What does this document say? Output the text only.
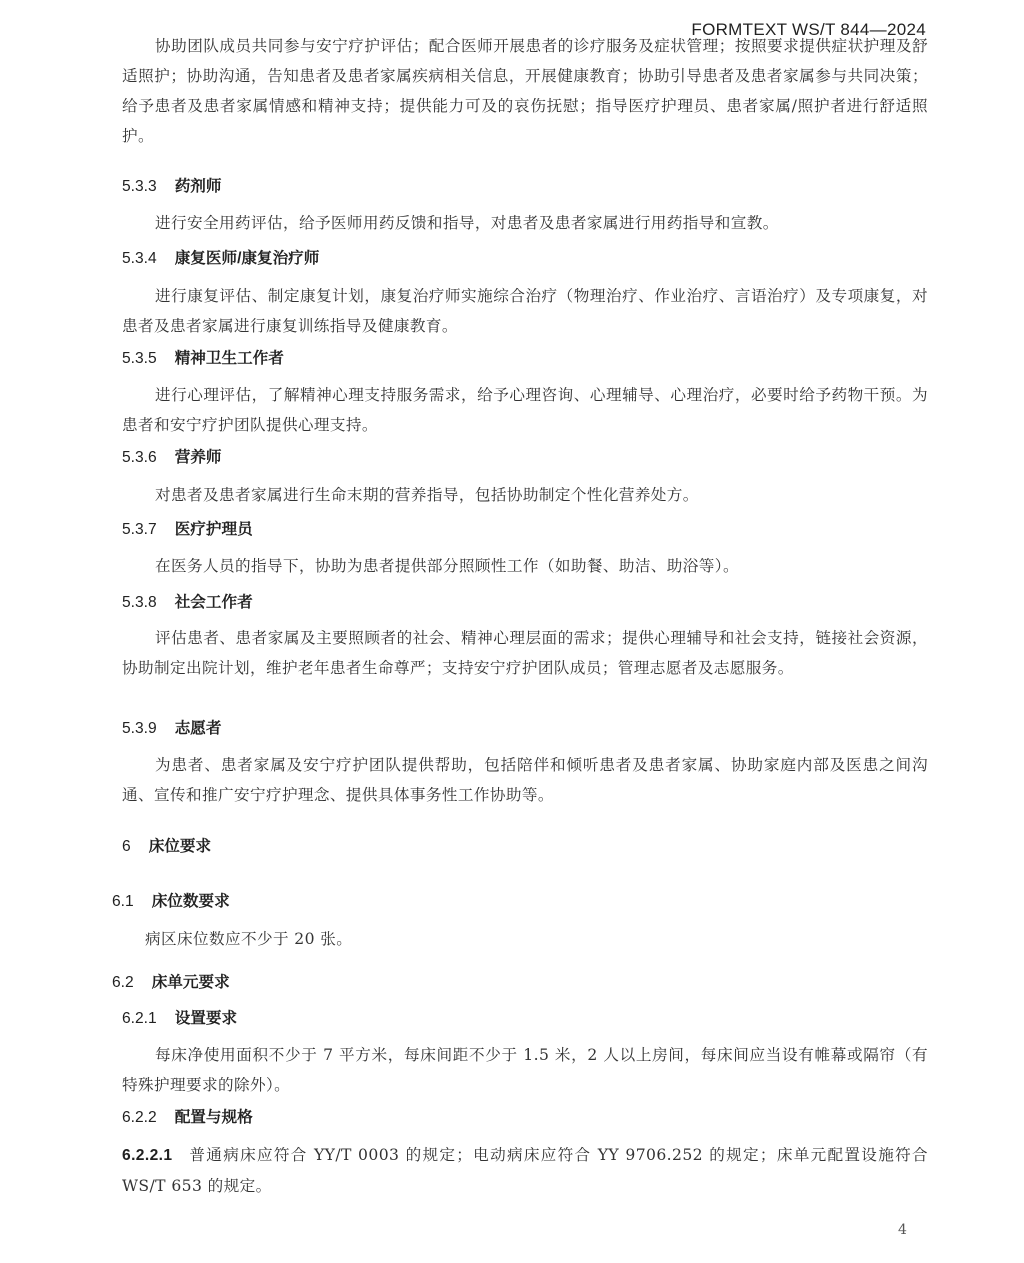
FORMTEXT WS/T 844—2024
协助团队成员共同参与安宁疗护评估；配合医师开展患者的诊疗服务及症状管理；按照要求提供症状护理及舒适照护；协助沟通，告知患者及患者家属疾病相关信息，开展健康教育；协助引导患者及患者家属参与共同决策；给予患者及患者家属情感和精神支持；提供能力可及的哀伤抚慰；指导医疗护理员、患者家属/照护者进行舒适照护。
5.3.3 药剂师
进行安全用药评估，给予医师用药反馈和指导，对患者及患者家属进行用药指导和宣教。
5.3.4 康复医师/康复治疗师
进行康复评估、制定康复计划，康复治疗师实施综合治疗（物理治疗、作业治疗、言语治疗）及专项康复，对患者及患者家属进行康复训练指导及健康教育。
5.3.5 精神卫生工作者
进行心理评估，了解精神心理支持服务需求，给予心理咨询、心理辅导、心理治疗，必要时给予药物干预。为患者和安宁疗护团队提供心理支持。
5.3.6 营养师
对患者及患者家属进行生命末期的营养指导，包括协助制定个性化营养处方。
5.3.7 医疗护理员
在医务人员的指导下，协助为患者提供部分照顾性工作（如助餐、助洁、助浴等）。
5.3.8 社会工作者
评估患者、患者家属及主要照顾者的社会、精神心理层面的需求；提供心理辅导和社会支持，链接社会资源，协助制定出院计划，维护老年患者生命尊严；支持安宁疗护团队成员；管理志愿者及志愿服务。
5.3.9 志愿者
为患者、患者家属及安宁疗护团队提供帮助，包括陪伴和倾听患者及患者家属、协助家庭内部及医患之间沟通、宣传和推广安宁疗护理念、提供具体事务性工作协助等。
6 床位要求
6.1 床位数要求
病区床位数应不少于 20 张。
6.2 床单元要求
6.2.1 设置要求
每床净使用面积不少于 7 平方米，每床间距不少于 1.5 米，2 人以上房间，每床间应当设有帷幕或隔帘（有特殊护理要求的除外）。
6.2.2 配置与规格
6.2.2.1 普通病床应符合 YY/T 0003 的规定；电动病床应符合 YY 9706.252 的规定；床单元配置设施符合 WS/T 653 的规定。
4
